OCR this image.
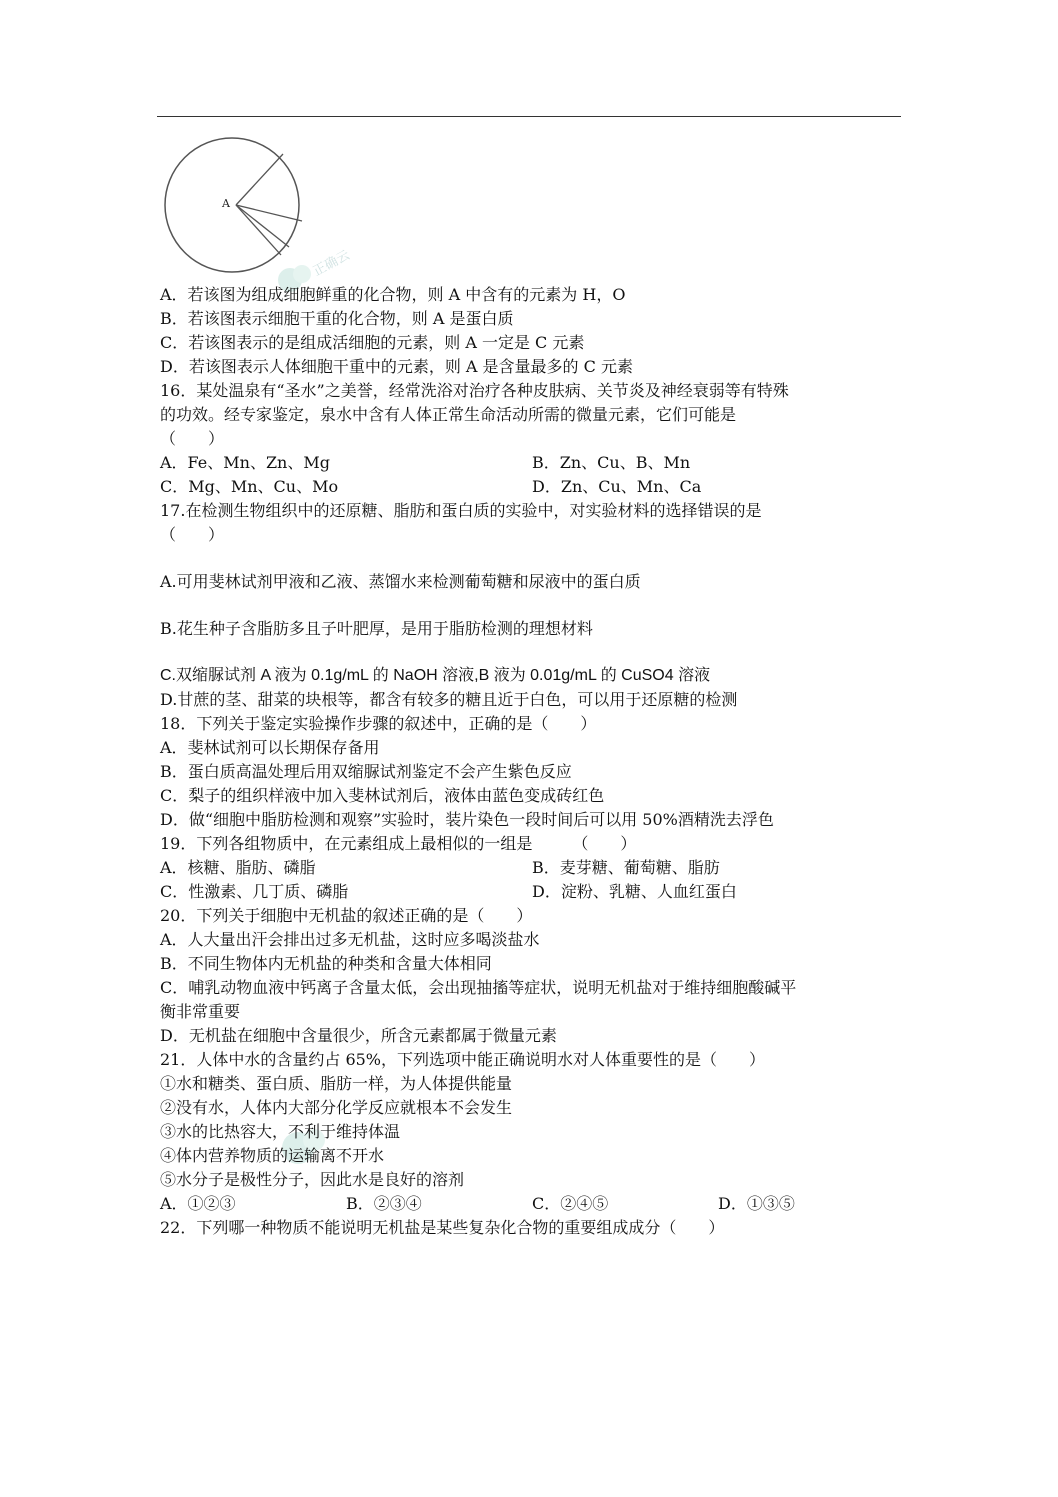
A
正确云
A．若该图为组成细胞鲜重的化合物，则 A 中含有的元素为 H，O
B．若该图表示细胞干重的化合物，则 A 是蛋白质
C．若该图表示的是组成活细胞的元素，则 A 一定是 C 元素
D．若该图表示人体细胞干重中的元素，则 A 是含量最多的 C 元素
16．某处温泉有“圣水”之美誉，经常洗浴对治疗各种皮肤病、关节炎及神经衰弱等有特殊
的功效。经专家鉴定，泉水中含有人体正常生命活动所需的微量元素，它们可能是
（　　）
A．Fe、Mn、Zn、Mg	B．Zn、Cu、B、Mn
C．Mg、Mn、Cu、Mo	D．Zn、Cu、Mn、Ca
17.在检测生物组织中的还原糖、脂肪和蛋白质的实验中，对实验材料的选择错误的是
（　　）
A.可用斐林试剂甲液和乙液、蒸馏水来检测葡萄糖和尿液中的蛋白质
B.花生种子含脂肪多且子叶肥厚，是用于脂肪检测的理想材料
C.双缩脲试剂 A 液为 0.1g/mL 的 NaOH 溶液,B 液为 0.01g/mL 的 CuSO4 溶液
D.甘蔗的茎、甜菜的块根等，都含有较多的糖且近于白色，可以用于还原糖的检测
18．下列关于鉴定实验操作步骤的叙述中，正确的是（　　）
A．斐林试剂可以长期保存备用
B．蛋白质高温处理后用双缩脲试剂鉴定不会产生紫色反应
C．梨子的组织样液中加入斐林试剂后，液体由蓝色变成砖红色
D．做“细胞中脂肪检测和观察”实验时，装片染色一段时间后可以用 50%酒精洗去浮色
19．下列各组物质中，在元素组成上最相似的一组是　　　（　　）
A．核糖、脂肪、磷脂	B．麦芽糖、葡萄糖、脂肪
C．性激素、几丁质、磷脂	D．淀粉、乳糖、人血红蛋白
20．下列关于细胞中无机盐的叙述正确的是（　　）
A．人大量出汗会排出过多无机盐，这时应多喝淡盐水
B．不同生物体内无机盐的种类和含量大体相同
C．哺乳动物血液中钙离子含量太低，会出现抽搐等症状，说明无机盐对于维持细胞酸碱平
衡非常重要
D．无机盐在细胞中含量很少，所含元素都属于微量元素
21．人体中水的含量约占 65%，下列选项中能正确说明水对人体重要性的是（　　）
①水和糖类、蛋白质、脂肪一样，为人体提供能量
②没有水，人体内大部分化学反应就根本不会发生
③水的比热容大，不利于维持体温
④体内营养物质的运输离不开水
⑤水分子是极性分子，因此水是良好的溶剂
A．①②③	B．②③④	C．②④⑤	D．①③⑤
22．下列哪一种物质不能说明无机盐是某些复杂化合物的重要组成成分（　　）
